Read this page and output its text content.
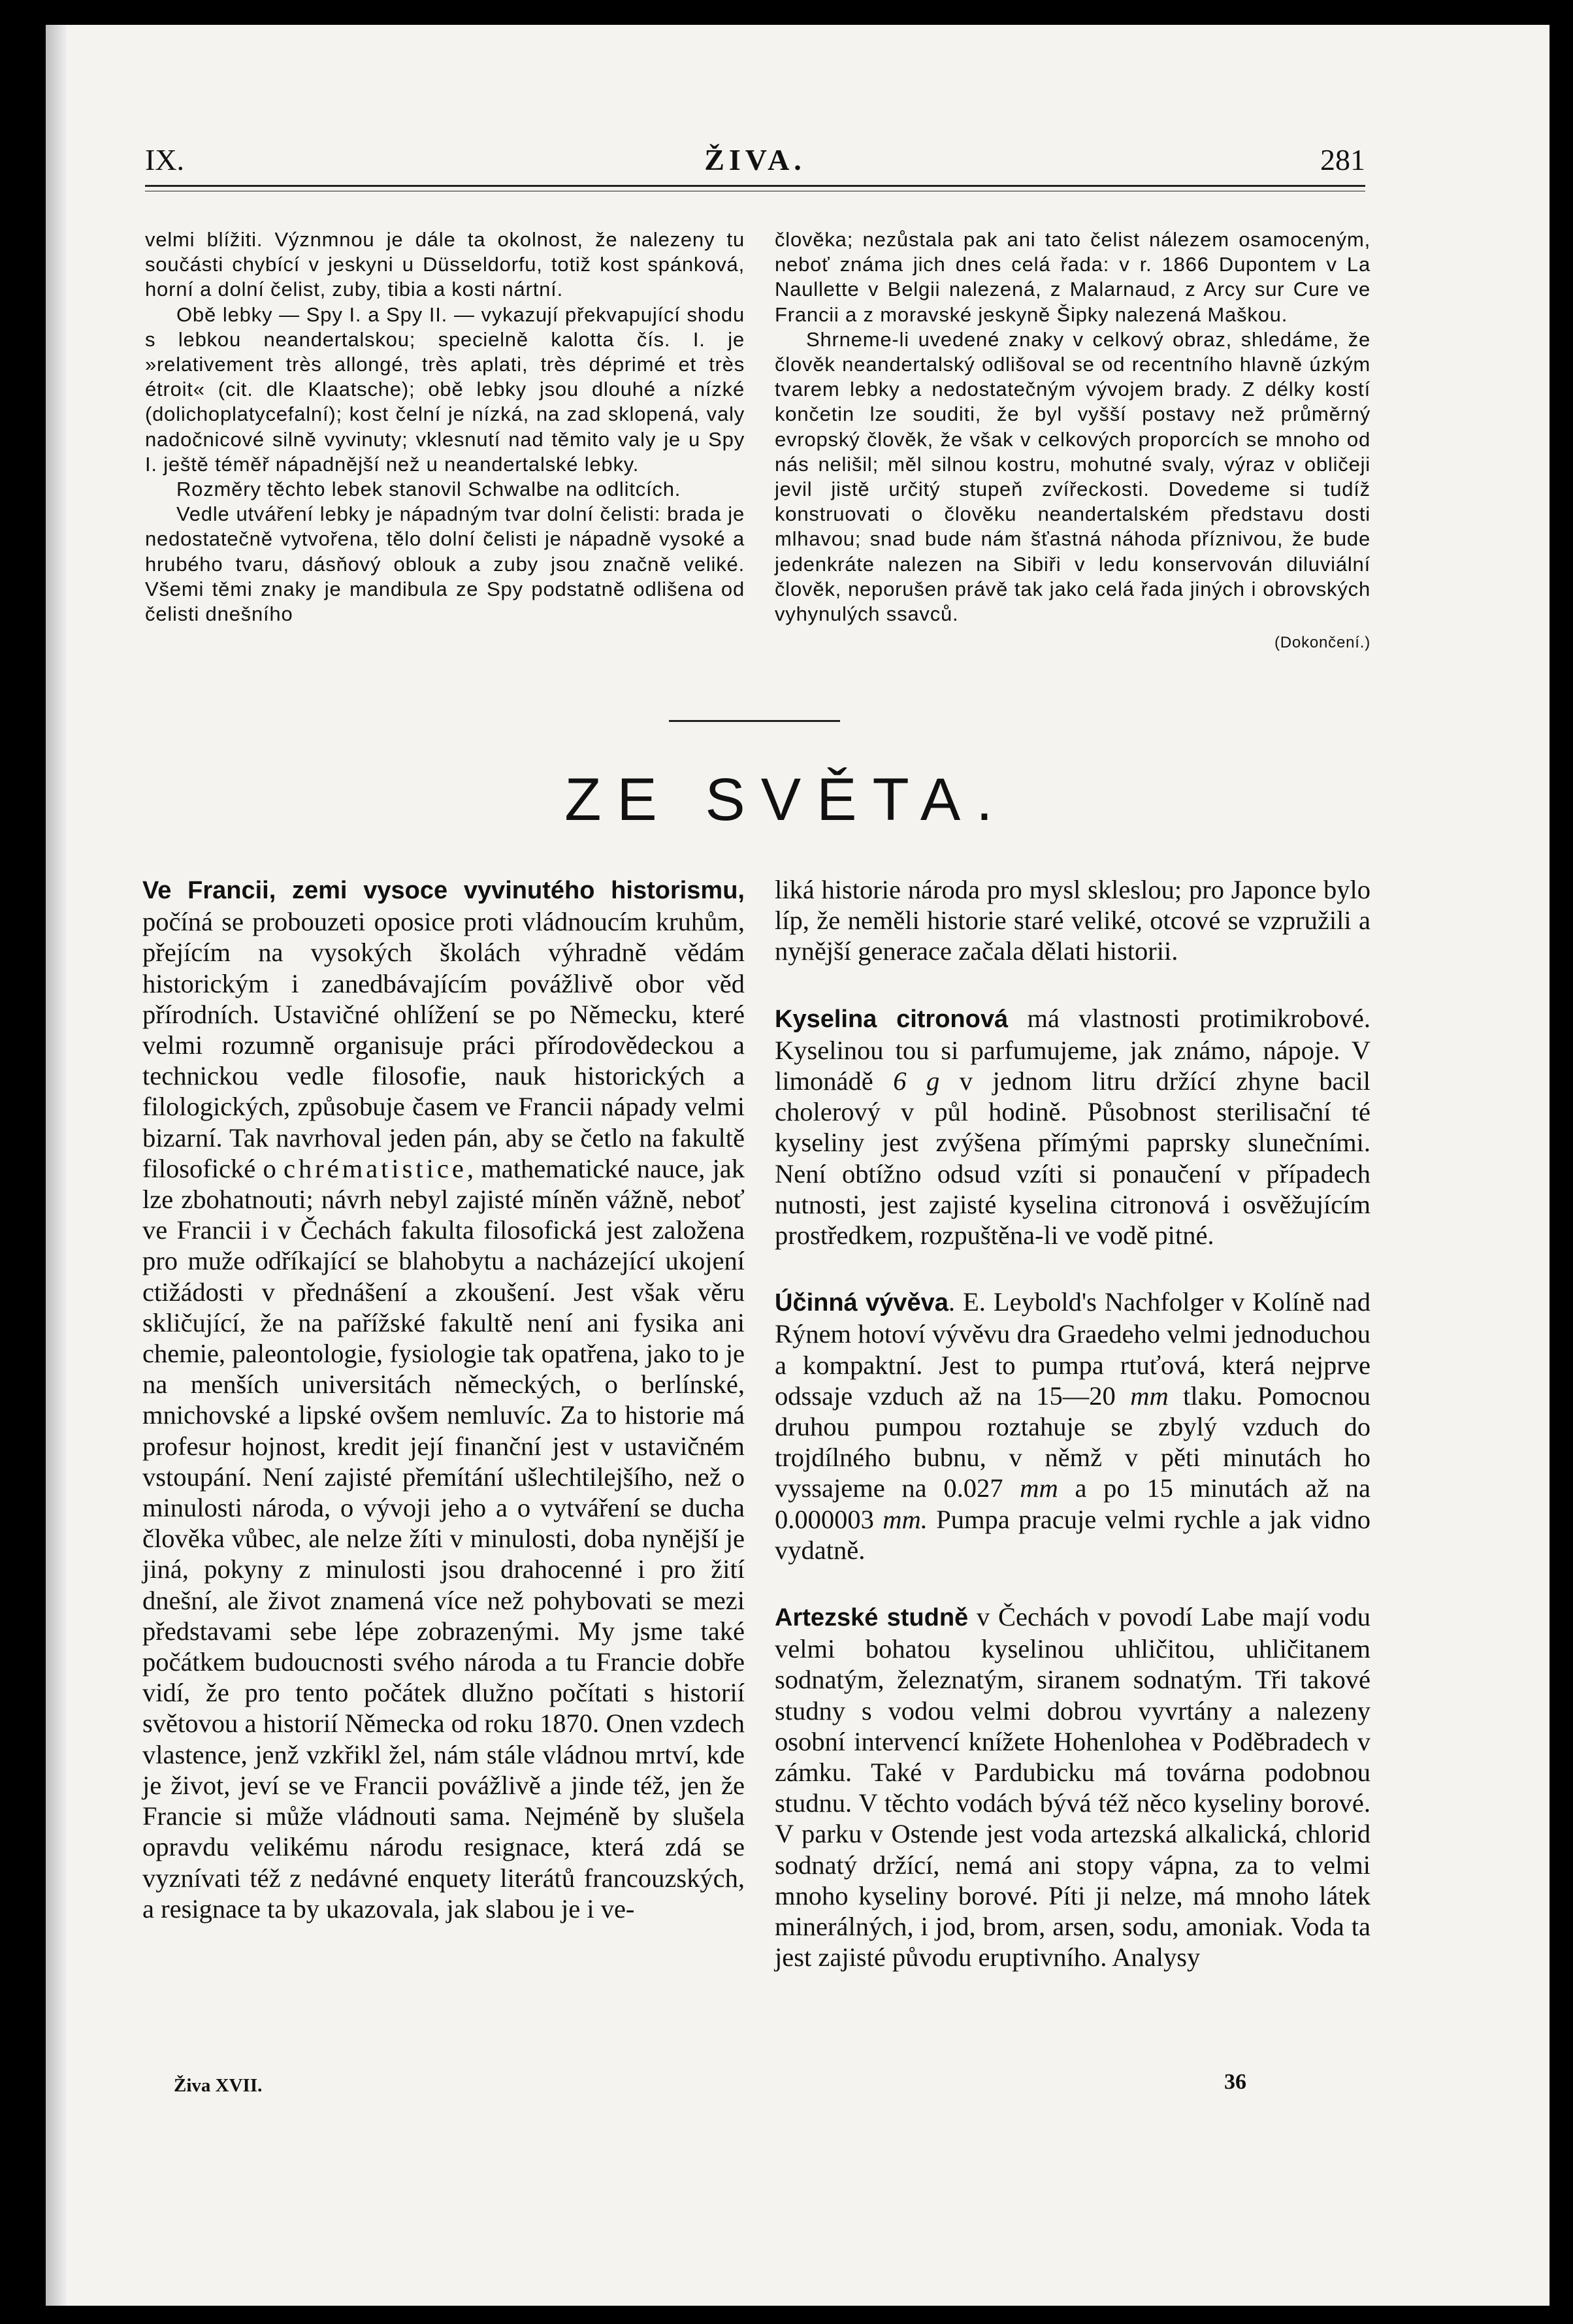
ŽIVA.
IX.	281

velmi blížiti. Význmnou je dále ta okolnost, že nalezeny tu součásti chybící v jeskyni u Düsseldorfu, totiž kost spánková, horní a dolní čelist, zuby, tibia a kosti nártní.

Obě lebky — Spy I. a Spy II. — vykazují překvapující shodu s lebkou neandertalskou; specielně kalotta čís. I. je »relativement très allongé, très aplati, très déprimé et très étroit« (cit. dle Klaatsche); obě lebky jsou dlouhé a nízké (dolichoplatycefalní); kost čelní je nízká, na zad sklopená, valy nadočnicové silně vyvinuty; vklesnutí nad těmito valy je u Spy I. ještě téměř nápadnější než u neandertalské lebky.

Rozměry těchto lebek stanovil Schwalbe na odlitcích.

Vedle utváření lebky je nápadným tvar dolní čelisti: brada je nedostatečně vytvořena, tělo dolní čelisti je nápadně vysoké a hrubého tvaru, dásňový oblouk a zuby jsou značně veliké. Všemi těmi znaky je mandibula ze Spy podstatně odlišena od čelisti dnešního

člověka; nezůstala pak ani tato čelist nálezem osamoceným, neboť známa jich dnes celá řada: v r. 1866 Dupontem v La Naullette v Belgii nalezená, z Malarnaud, z Arcy sur Cure ve Francii a z moravské jeskyně Šipky nalezená Maškou.

Shrneme-li uvedené znaky v celkový obraz, shledáme, že člověk neandertalský odlišoval se od recentního hlavně úzkým tvarem lebky a nedostatečným vývojem brady. Z délky kostí končetin lze souditi, že byl vyšší postavy než průměrný evropský člověk, že však v celkových proporcích se mnoho od nás nelišil; měl silnou kostru, mohutné svaly, výraz v obličeji jevil jistě určitý stupeň zvířeckosti. Dovedeme si tudíž konstruovati o člověku neandertalském představu dosti mlhavou; snad bude nám šťastná náhoda příznivou, že bude jedenkráte nalezen na Sibiři v ledu konservován diluviální člověk, neporušen právě tak jako celá řada jiných i obrovských vyhynulých ssavců.

(Dokončení.)
ZE SVĚTA.

Ve Francii, zemi vysoce vyvinutého historismu, počíná se probouzeti oposice proti vládnoucím kruhům, přejícím na vysokých školách výhradně vědám historickým i zanedbávajícím povážlivě obor věd přírodních. Ustavičné ohlížení se po Německu, které velmi rozumně organisuje práci přírodovědeckou a technickou vedle filosofie, nauk historických a filologických, způsobuje časem ve Francii nápady velmi bizarní. Tak navrhoval jeden pán, aby se četlo na fakultě filosofické o chrématistice, mathematické nauce, jak lze zbohatnouti; návrh nebyl zajisté míněn vážně, neboť ve Francii i v Čechách fakulta filosofická jest založena pro muže odříkající se blahobytu a nacházející ukojení ctižádosti v přednášení a zkoušení. Jest však věru skličující, že na pařížské fakultě není ani fysika ani chemie, paleontologie, fysiologie tak opatřena, jako to je na menších universitách německých, o berlínské, mnichovské a lipské ovšem nemluvíc. Za to historie má profesur hojnost, kredit její finanční jest v ustavičném vstoupání. Není zajisté přemítání ušlechtilejšího, než o minulosti národa, o vývoji jeho a o vytváření se ducha člověka vůbec, ale nelze žíti v minulosti, doba nynější je jiná, pokyny z minulosti jsou drahocenné i pro žití dnešní, ale život znamená více než pohybovati se mezi představami sebe lépe zobrazenými. My jsme také počátkem budoucnosti svého národa a tu Francie dobře vidí, že pro tento počátek dlužno počítati s historií světovou a historií Německa od roku 1870. Onen vzdech vlastence, jenž vzkřikl žel, nám stále vládnou mrtví, kde je život, jeví se ve Francii povážlivě a jinde též, jen že Francie si může vládnouti sama. Nejméně by slušela opravdu velikému národu resignace, která zdá se vyznívati též z nedávné enquety literátů francouzských, a resignace ta by ukazovala, jak slabou je i ve-

liká historie národa pro mysl skleslou; pro Japonce bylo líp, že neměli historie staré veliké, otcové se vzpružili a nynější generace začala dělati historii.

Kyselina citronová má vlastnosti protimikrobové. Kyselinou tou si parfumujeme, jak známo, nápoje. V limonádě 6 g v jednom litru držící zhyne bacil cholerový v půl hodině. Působnost sterilisační té kyseliny jest zvýšena přímými paprsky slunečními. Není obtížno odsud vzíti si ponaučení v případech nutnosti, jest zajisté kyselina citronová i osvěžujícím prostředkem, rozpuštěna-li ve vodě pitné.

Účinná vývěva. E. Leybold's Nachfolger v Kolíně nad Rýnem hotoví vývěvu dra Graedeho velmi jednoduchou a kompaktní. Jest to pumpa rtuťová, která nejprve odssaje vzduch až na 15—20 mm tlaku. Pomocnou druhou pumpou roztahuje se zbylý vzduch do trojdílného bubnu, v němž v pěti minutách ho vyssajeme na 0.027 mm a po 15 minutách až na 0.000003 mm. Pumpa pracuje velmi rychle a jak vidno vydatně.

Artezské studně v Čechách v povodí Labe mají vodu velmi bohatou kyselinou uhličitou, uhličitanem sodnatým, železnatým, siranem sodnatým. Tři takové studny s vodou velmi dobrou vyvrtány a nalezeny osobní intervencí knížete Hohenlohea v Poděbradech v zámku. Také v Pardubicku má továrna podobnou studnu. V těchto vodách bývá též něco kyseliny borové. V parku v Ostende jest voda artezská alkalická, chlorid sodnatý držící, nemá ani stopy vápna, za to velmi mnoho kyseliny borové. Píti ji nelze, má mnoho látek minerálných, i jod, brom, arsen, sodu, amoniak. Voda ta jest zajisté původu eruptivního. Analysy

Živa XVII.	36
